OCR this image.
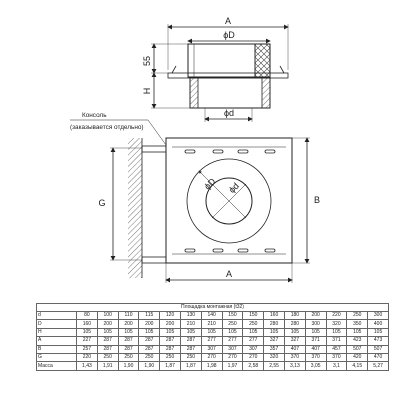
A
ϕD
55
H
ϕd
Консоль
(заказывается отдельно)
G	B
A
ϕD ϕd
Площадка монтажная (t32)															
d	80	100	110	115	120	130	140	150	150	160	180	200	220	250	300
D	160	200	200	200	200	210	210	250	250	280	280	300	320	350	400
H	105	105	105	105	105	105	105	105	105	105	105	105	105	105	105
A	227	287	287	287	287	287	277	277	277	327	327	371	371	423	473
B	257	287	287	287	287	287	307	307	307	357	407	407	457	507	507
G	220	250	250	250	250	250	270	270	270	320	370	370	370	420	470
Масса	1,43	1,91	1,90	1,90	1,87	1,87	1,98	1,97	2,58	2,55	3,13	3,05	3,1	4,15	5,27
